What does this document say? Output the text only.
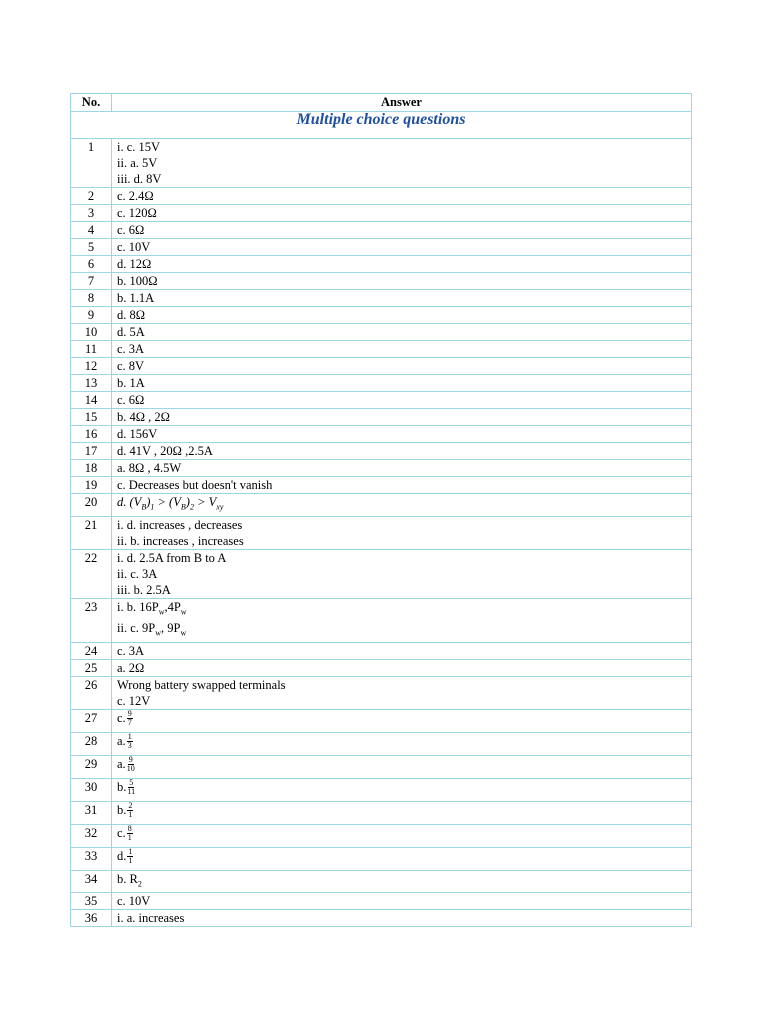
No.	Answer
Multiple choice questions	
1	i. c. 15V
ii. a. 5V
iii. d. 8V

2	c. 2.4Ω

3	c. 120Ω

4	c. 6Ω

5	c. 10V

6	d. 12Ω

7	b. 100Ω

8	b. 1.1A

9	d. 8Ω

10	d. 5A

11	c. 3A

12	c. 8V

13	b. 1A

14	c. 6Ω

15	b. 4Ω , 2Ω

16	d. 156V

17	d. 41V , 20Ω ,2.5A

18	a. 8Ω , 4.5W

19	c. Decreases but doesn't vanish

20	d. $(V_B)_1 > (V_B)_2 > V_{xy}$

21	i. d. increases , decreases
ii. b. increases , increases

22	i. d. 2.5A from B to A
ii. c. 3A
iii. b. 2.5A

23	i. b. $16P_w,4P_w$
ii. c. $9P_w$, $9P_w$

24	c. 3A

25	a. 2Ω

26	Wrong battery swapped terminals
c. 12V

27	c. $\frac{9}{7}$

28	a. $\frac{1}{3}$

29	a. $\frac{9}{10}$

30	b. $\frac{5}{11}$

31	b. $\frac{2}{1}$

32	c. $\frac{8}{1}$

33	d. $\frac{1}{1}$

34	b. $R_2$

35	c. 10V

36	i. a. increases
